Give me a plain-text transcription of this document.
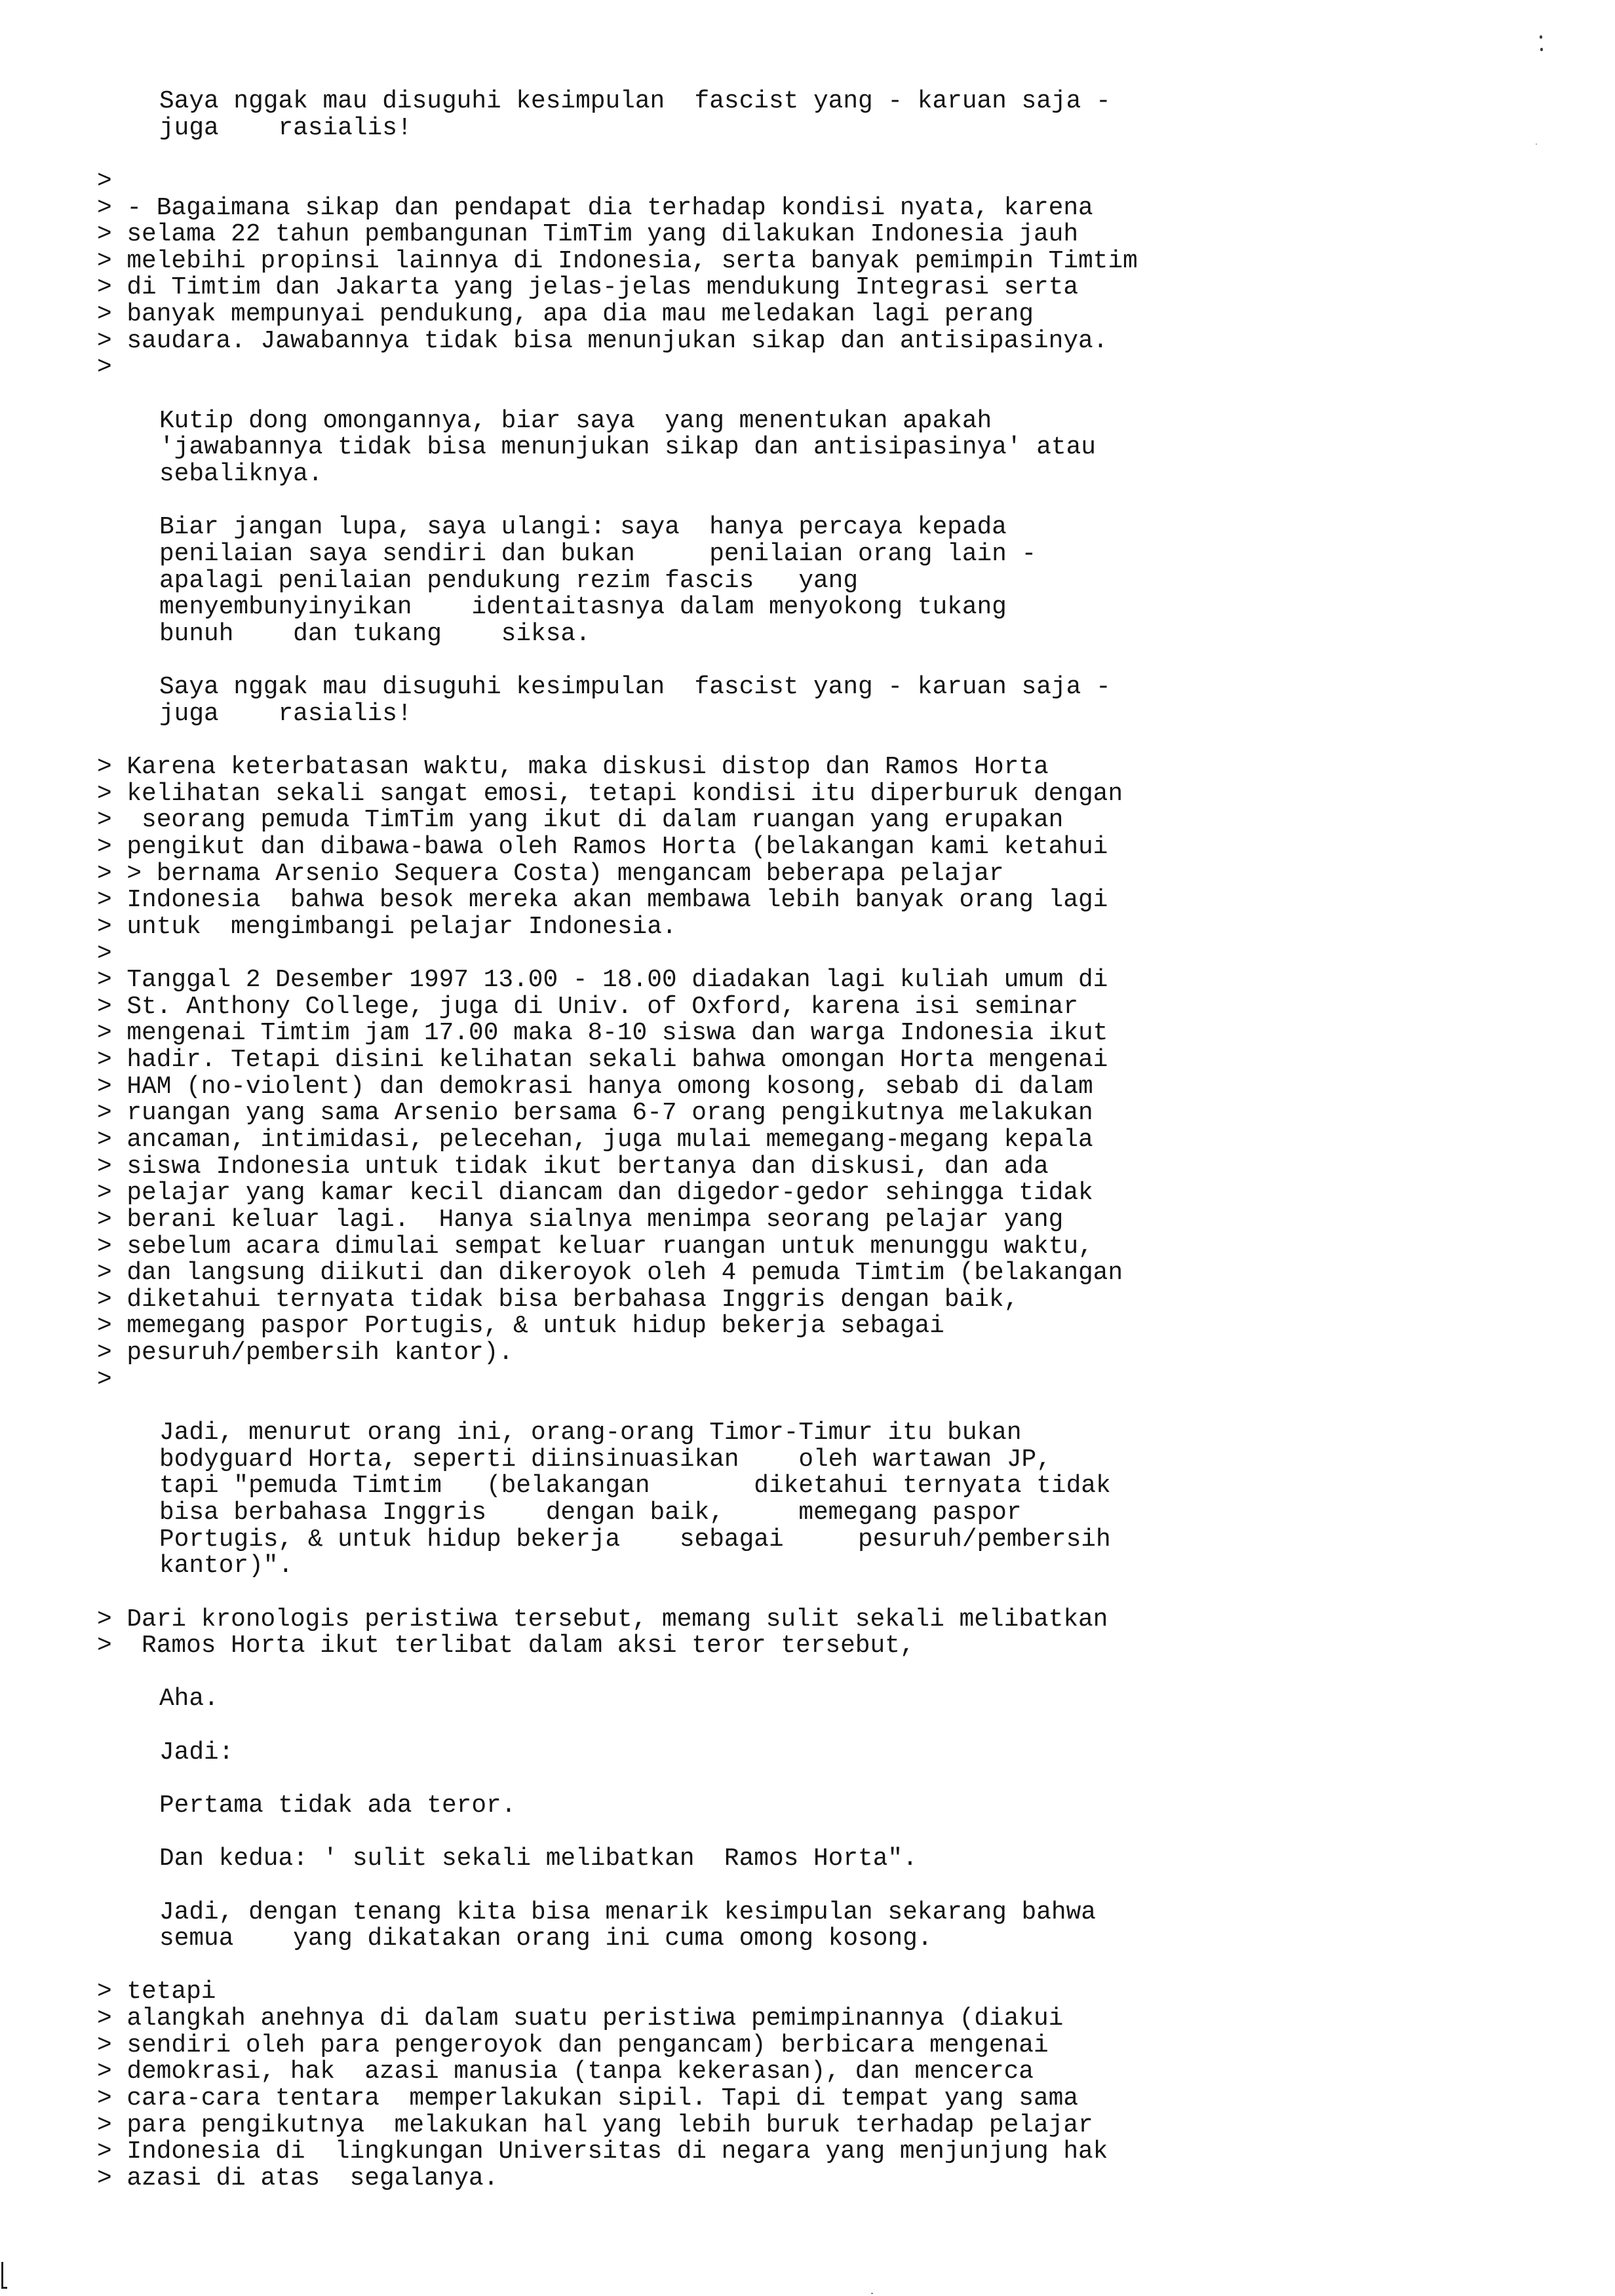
Saya nggak mau disuguhi kesimpulan  fascist yang - karuan saja -
juga    rasialis!
>
> - Bagaimana sikap dan pendapat dia terhadap kondisi nyata, karena
> selama 22 tahun pembangunan TimTim yang dilakukan Indonesia jauh
> melebihi propinsi lainnya di Indonesia, serta banyak pemimpin Timtim
> di Timtim dan Jakarta yang jelas-jelas mendukung Integrasi serta
> banyak mempunyai pendukung, apa dia mau meledakan lagi perang
> saudara. Jawabannya tidak bisa menunjukan sikap dan antisipasinya.
>
Kutip dong omongannya, biar saya  yang menentukan apakah
'jawabannya tidak bisa menunjukan sikap dan antisipasinya' atau
sebaliknya.
Biar jangan lupa, saya ulangi: saya  hanya percaya kepada
penilaian saya sendiri dan bukan     penilaian orang lain -
apalagi penilaian pendukung rezim fascis   yang
menyembunyinyikan    identaitasnya dalam menyokong tukang
bunuh    dan tukang    siksa.
Saya nggak mau disuguhi kesimpulan  fascist yang - karuan saja -
juga    rasialis!
> Karena keterbatasan waktu, maka diskusi distop dan Ramos Horta
> kelihatan sekali sangat emosi, tetapi kondisi itu diperburuk dengan
>  seorang pemuda TimTim yang ikut di dalam ruangan yang erupakan
> pengikut dan dibawa-bawa oleh Ramos Horta (belakangan kami ketahui
> > bernama Arsenio Sequera Costa) mengancam beberapa pelajar
> Indonesia  bahwa besok mereka akan membawa lebih banyak orang lagi
> untuk  mengimbangi pelajar Indonesia.
>
> Tanggal 2 Desember 1997 13.00 - 18.00 diadakan lagi kuliah umum di
> St. Anthony College, juga di Univ. of Oxford, karena isi seminar
> mengenai Timtim jam 17.00 maka 8-10 siswa dan warga Indonesia ikut
> hadir. Tetapi disini kelihatan sekali bahwa omongan Horta mengenai
> HAM (no-violent) dan demokrasi hanya omong kosong, sebab di dalam
> ruangan yang sama Arsenio bersama 6-7 orang pengikutnya melakukan
> ancaman, intimidasi, pelecehan, juga mulai memegang-megang kepala
> siswa Indonesia untuk tidak ikut bertanya dan diskusi, dan ada
> pelajar yang kamar kecil diancam dan digedor-gedor sehingga tidak
> berani keluar lagi.  Hanya sialnya menimpa seorang pelajar yang
> sebelum acara dimulai sempat keluar ruangan untuk menunggu waktu,
> dan langsung diikuti dan dikeroyok oleh 4 pemuda Timtim (belakangan
> diketahui ternyata tidak bisa berbahasa Inggris dengan baik,
> memegang paspor Portugis, & untuk hidup bekerja sebagai
> pesuruh/pembersih kantor).
>
Jadi, menurut orang ini, orang-orang Timor-Timur itu bukan
bodyguard Horta, seperti diinsinuasikan    oleh wartawan JP,
tapi "pemuda Timtim   (belakangan       diketahui ternyata tidak
bisa berbahasa Inggris    dengan baik,     memegang paspor
Portugis, & untuk hidup bekerja    sebagai     pesuruh/pembersih
kantor)".
> Dari kronologis peristiwa tersebut, memang sulit sekali melibatkan
>  Ramos Horta ikut terlibat dalam aksi teror tersebut,
Aha.
Jadi:
Pertama tidak ada teror.
Dan kedua: ' sulit sekali melibatkan  Ramos Horta".
Jadi, dengan tenang kita bisa menarik kesimpulan sekarang bahwa
semua    yang dikatakan orang ini cuma omong kosong.
> tetapi
> alangkah anehnya di dalam suatu peristiwa pemimpinannya (diakui
> sendiri oleh para pengeroyok dan pengancam) berbicara mengenai
> demokrasi, hak  azasi manusia (tanpa kekerasan), dan mencerca
> cara-cara tentara  memperlakukan sipil. Tapi di tempat yang sama
> para pengikutnya  melakukan hal yang lebih buruk terhadap pelajar
> Indonesia di  lingkungan Universitas di negara yang menjunjung hak
> azasi di atas  segalanya.
